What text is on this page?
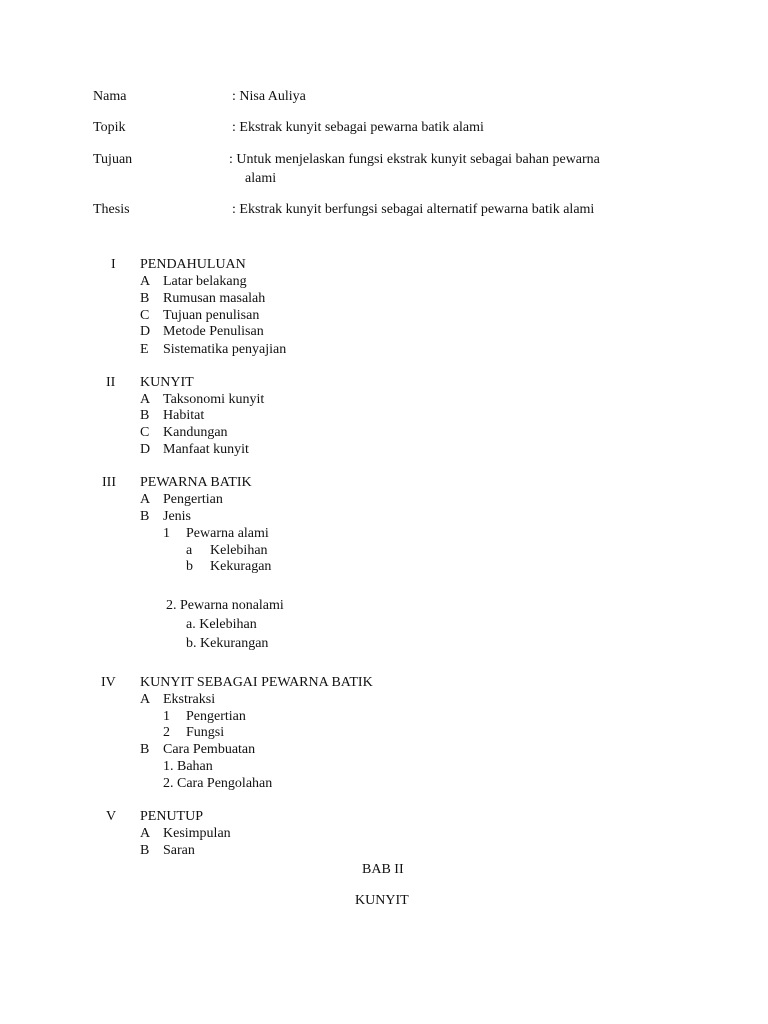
Nama	: Nisa Auliya
Topik	: Ekstrak kunyit sebagai pewarna batik alami
Tujuan	: Untuk menjelaskan fungsi ekstrak kunyit sebagai bahan pewarna
alami
Thesis	: Ekstrak kunyit berfungsi sebagai alternatif pewarna batik alami
I PENDAHULUAN
A Latar belakang
B Rumusan masalah
C Tujuan penulisan
D Metode Penulisan
E Sistematika penyajian
II KUNYIT
A Taksonomi kunyit
B Habitat
C Kandungan
D Manfaat kunyit
III PEWARNA BATIK
A Pengertian
B Jenis
1 Pewarna alami
a Kelebihan
b Kekuragan
2. Pewarna nonalami
a. Kelebihan
b. Kekurangan
IV KUNYIT SEBAGAI PEWARNA BATIK
A Ekstraksi
1 Pengertian
2 Fungsi
B Cara Pembuatan
1. Bahan
2. Cara Pengolahan
V PENUTUP
A Kesimpulan
B Saran
BAB II
KUNYIT
